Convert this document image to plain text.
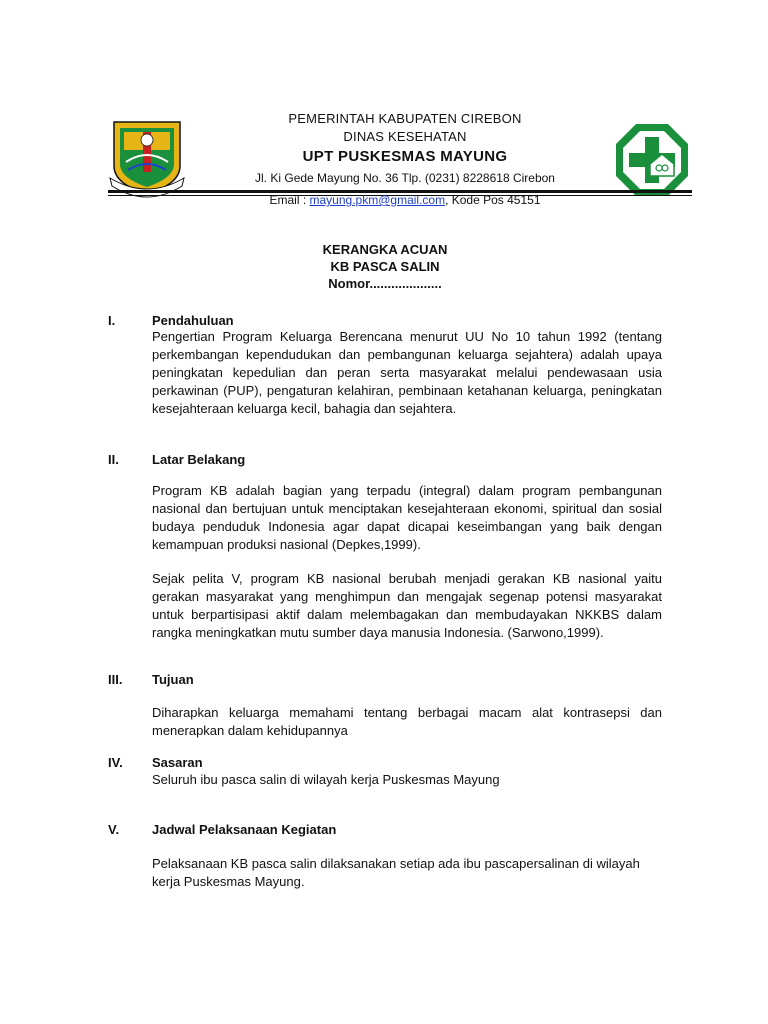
PEMERINTAH KABUPATEN CIREBON
DINAS KESEHATAN
UPT PUSKESMAS MAYUNG
Jl. Ki Gede Mayung No. 36 Tlp. (0231) 8228618 Cirebon
Email : mayung.pkm@gmail.com, Kode Pos 45151
KERANGKA ACUAN
KB PASCA SALIN
Nomor....................
I.	Pendahuluan
Pengertian Program Keluarga Berencana menurut UU No 10 tahun 1992 (tentang perkembangan kependudukan dan pembangunan keluarga sejahtera) adalah upaya peningkatan kepedulian dan peran serta masyarakat melalui pendewasaan usia perkawinan (PUP), pengaturan kelahiran, pembinaan ketahanan keluarga, peningkatan kesejahteraan keluarga kecil, bahagia dan sejahtera.
II.	Latar Belakang
Program KB adalah bagian yang terpadu (integral) dalam program pembangunan nasional dan bertujuan untuk menciptakan kesejahteraan ekonomi, spiritual dan sosial budaya penduduk Indonesia agar dapat dicapai keseimbangan yang baik dengan kemampuan produksi nasional (Depkes,1999).
Sejak pelita V, program KB nasional berubah menjadi gerakan KB nasional yaitu gerakan masyarakat yang menghimpun dan mengajak segenap potensi masyarakat untuk berpartisipasi aktif dalam melembagakan dan membudayakan NKKBS dalam rangka meningkatkan mutu sumber daya manusia Indonesia. (Sarwono,1999).
III. Tujuan
Diharapkan keluarga memahami tentang berbagai macam alat kontrasepsi dan menerapkan dalam kehidupannya
IV. Sasaran
Seluruh ibu pasca salin di wilayah kerja Puskesmas Mayung
V.	Jadwal Pelaksanaan Kegiatan
Pelaksanaan KB pasca salin dilaksanakan setiap ada ibu pascapersalinan di wilayah kerja Puskesmas Mayung.
